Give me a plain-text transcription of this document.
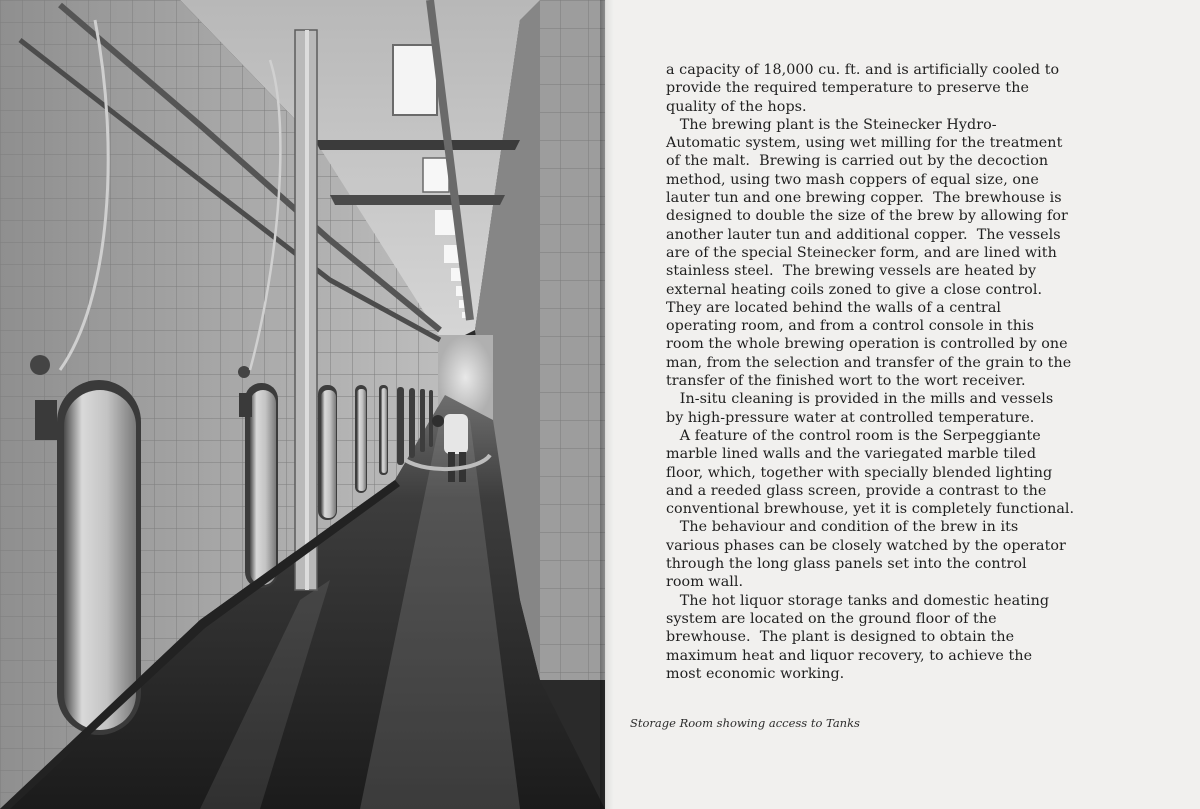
a capacity of 18,000 cu. ft. and is artificially cooled to
provide the required temperature to preserve the
quality of the hops.
The brewing plant is the Steinecker Hydro-
Automatic system, using wet milling for the treatment
of the malt.  Brewing is carried out by the decoction
method, using two mash coppers of equal size, one
lauter tun and one brewing copper.  The brewhouse is
designed to double the size of the brew by allowing for
another lauter tun and additional copper.  The vessels
are of the special Steinecker form, and are lined with
stainless steel.  The brewing vessels are heated by
external heating coils zoned to give a close control.
They are located behind the walls of a central
operating room, and from a control console in this
room the whole brewing operation is controlled by one
man, from the selection and transfer of the grain to the
transfer of the finished wort to the wort receiver.
In-situ cleaning is provided in the mills and vessels
by high-pressure water at controlled temperature.
A feature of the control room is the Serpeggiante
marble lined walls and the variegated marble tiled
floor, which, together with specially blended lighting
and a reeded glass screen, provide a contrast to the
conventional brewhouse, yet it is completely functional.
The behaviour and condition of the brew in its
various phases can be closely watched by the operator
through the long glass panels set into the control
room wall.
The hot liquor storage tanks and domestic heating
system are located on the ground floor of the
brewhouse.  The plant is designed to obtain the
maximum heat and liquor recovery, to achieve the
most economic working.
Storage Room showing access to Tanks
